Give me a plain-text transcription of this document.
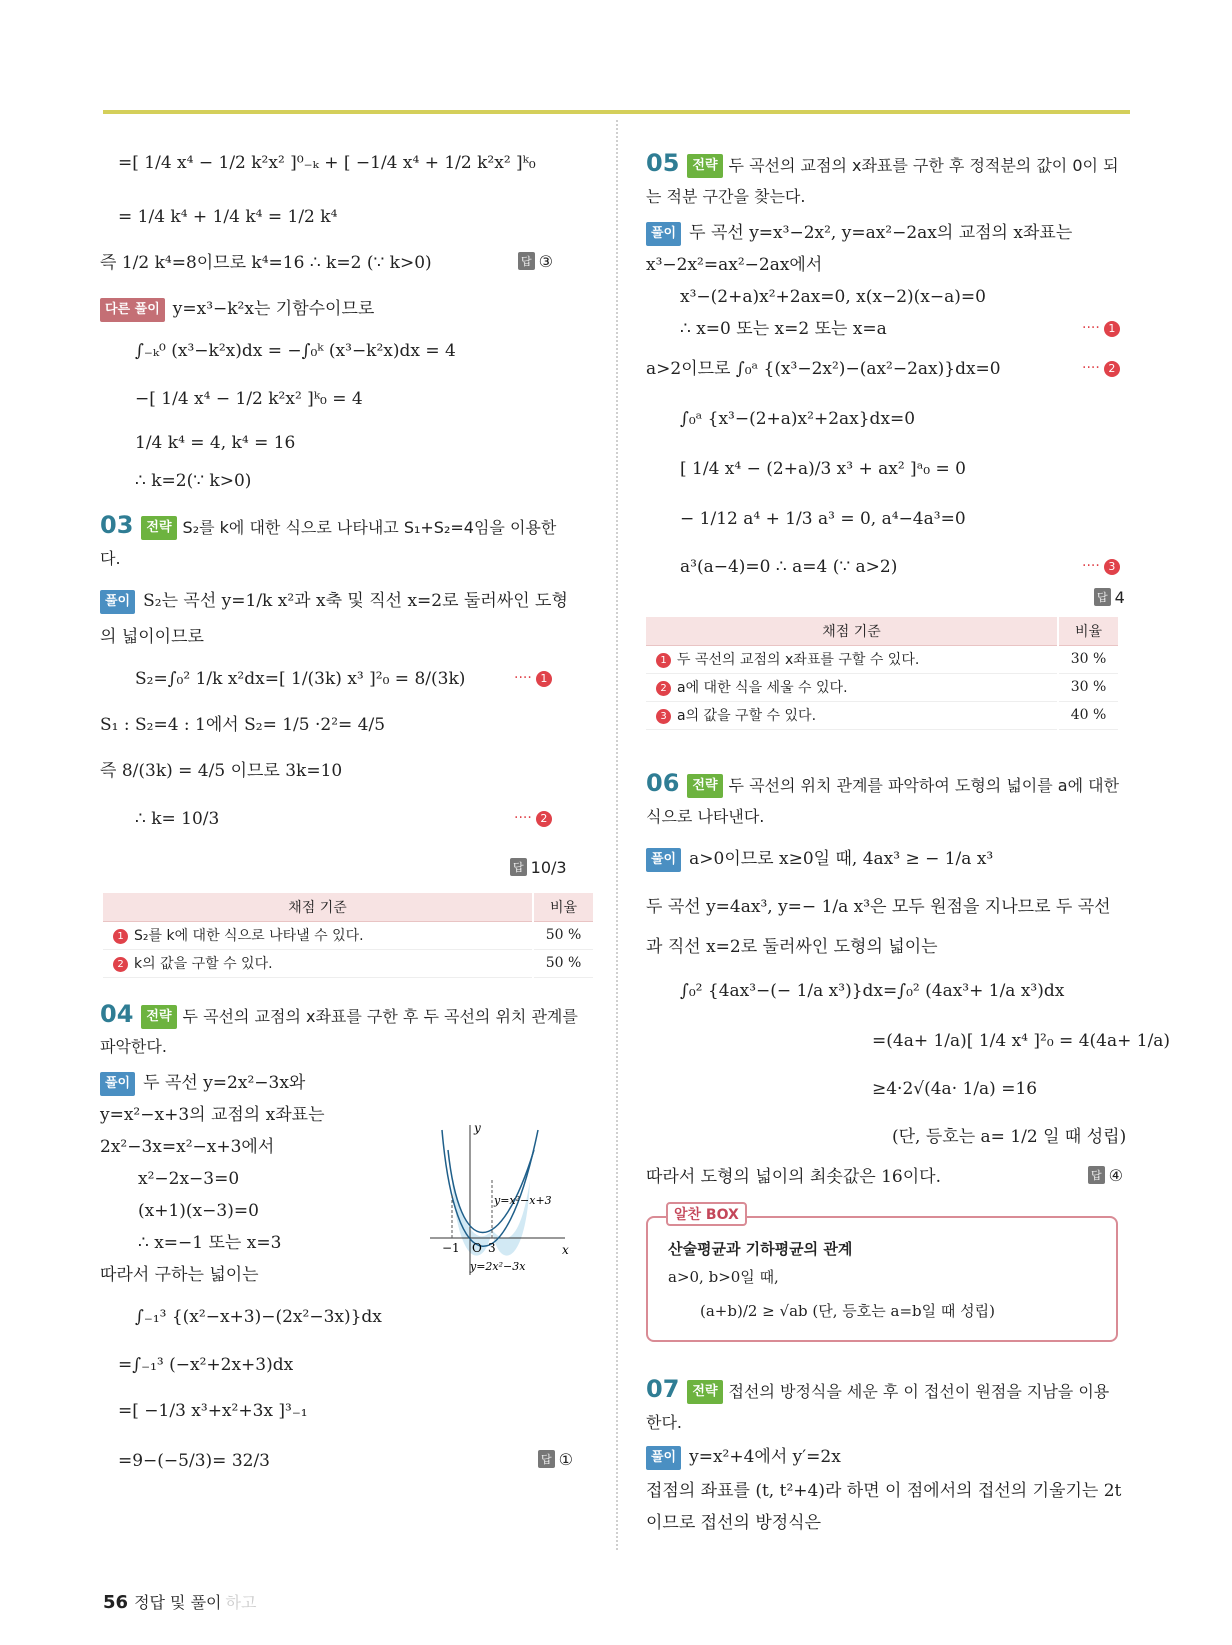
=[ 1/4 x⁴ − 1/2 k²x² ]⁰₋ₖ + [ −1/4 x⁴ + 1/2 k²x² ]ᵏ₀
= 1/4 k⁴ + 1/4 k⁴ = 1/2 k⁴
즉 1/2 k⁴=8이므로 k⁴=16 ∴ k=2 (∵ k>0)	답 ③
다른 풀이 y=x³−k²x는 기함수이므로
∫₋ₖ⁰ (x³−k²x)dx = −∫₀ᵏ (x³−k²x)dx = 4
−[ 1/4 x⁴ − 1/2 k²x² ]ᵏ₀ = 4
1/4 k⁴ = 4, k⁴ = 16
∴ k=2(∵ k>0)
03 전략 S₂를 k에 대한 식으로 나타내고 S₁+S₂=4임을 이용한
다.
풀이 S₂는 곡선 y=1/k x²과 x축 및 직선 x=2로 둘러싸인 도형
의 넓이이므로
S₂=∫₀² 1/k x²dx=[ 1/(3k) x³ ]²₀ = 8/(3k)	···· 1
S₁ : S₂=4 : 1에서 S₂= 1/5 ·2²= 4/5
즉 8/(3k) = 4/5 이므로 3k=10
∴ k= 10/3	···· 2
답 10/3
채점 기준	비율
1 S₂를 k에 대한 식으로 나타낼 수 있다.	50 %
2 k의 값을 구할 수 있다.	50 %
04 전략 두 곡선의 교점의 x좌표를 구한 후 두 곡선의 위치 관계를
파악한다.
풀이 두 곡선 y=2x²−3x와
y=x²−x+3의 교점의 x좌표는
2x²−3x=x²−x+3에서
x²−2x−3=0
(x+1)(x−3)=0
∴ x=−1 또는 x=3
따라서 구하는 넓이는
∫₋₁³ {(x²−x+3)−(2x²−3x)}dx
=∫₋₁³ (−x²+2x+3)dx
=[ −1/3 x³+x²+3x ]³₋₁
=9−(−5/3)= 32/3	답 ①
y
x
O
−1 3
y=x²−x+3
y=2x²−3x
05 전략 두 곡선의 교점의 x좌표를 구한 후 정적분의 값이 0이 되
는 적분 구간을 찾는다.
풀이 두 곡선 y=x³−2x², y=ax²−2ax의 교점의 x좌표는
x³−2x²=ax²−2ax에서
x³−(2+a)x²+2ax=0, x(x−2)(x−a)=0
∴ x=0 또는 x=2 또는 x=a	···· 1
a>2이므로 ∫₀ᵃ {(x³−2x²)−(ax²−2ax)}dx=0	···· 2
∫₀ᵃ {x³−(2+a)x²+2ax}dx=0
[ 1/4 x⁴ − (2+a)/3 x³ + ax² ]ᵃ₀ = 0
− 1/12 a⁴ + 1/3 a³ = 0, a⁴−4a³=0
a³(a−4)=0 ∴ a=4 (∵ a>2)	···· 3
답 4
채점 기준	비율
1 두 곡선의 교점의 x좌표를 구할 수 있다.	30 %
2 a에 대한 식을 세울 수 있다.	30 %
3 a의 값을 구할 수 있다.	40 %
06 전략 두 곡선의 위치 관계를 파악하여 도형의 넓이를 a에 대한
식으로 나타낸다.
풀이 a>0이므로 x≥0일 때, 4ax³ ≥ − 1/a x³
두 곡선 y=4ax³, y=− 1/a x³은 모두 원점을 지나므로 두 곡선
과 직선 x=2로 둘러싸인 도형의 넓이는
∫₀² {4ax³−(− 1/a x³)}dx=∫₀² (4ax³+ 1/a x³)dx
=(4a+ 1/a)[ 1/4 x⁴ ]²₀ = 4(4a+ 1/a)
≥4·2√(4a· 1/a) =16
(단, 등호는 a= 1/2 일 때 성립)
따라서 도형의 넓이의 최솟값은 16이다.	답 ④
알찬 BOX
산술평균과 기하평균의 관계
a>0, b>0일 때,
(a+b)/2 ≥ √ab (단, 등호는 a=b일 때 성립)
07 전략 접선의 방정식을 세운 후 이 접선이 원점을 지남을 이용
한다.
풀이 y=x²+4에서 y′=2x
접점의 좌표를 (t, t²+4)라 하면 이 점에서의 접선의 기울기는 2t
이므로 접선의 방정식은
56 정답 및 풀이 하고
